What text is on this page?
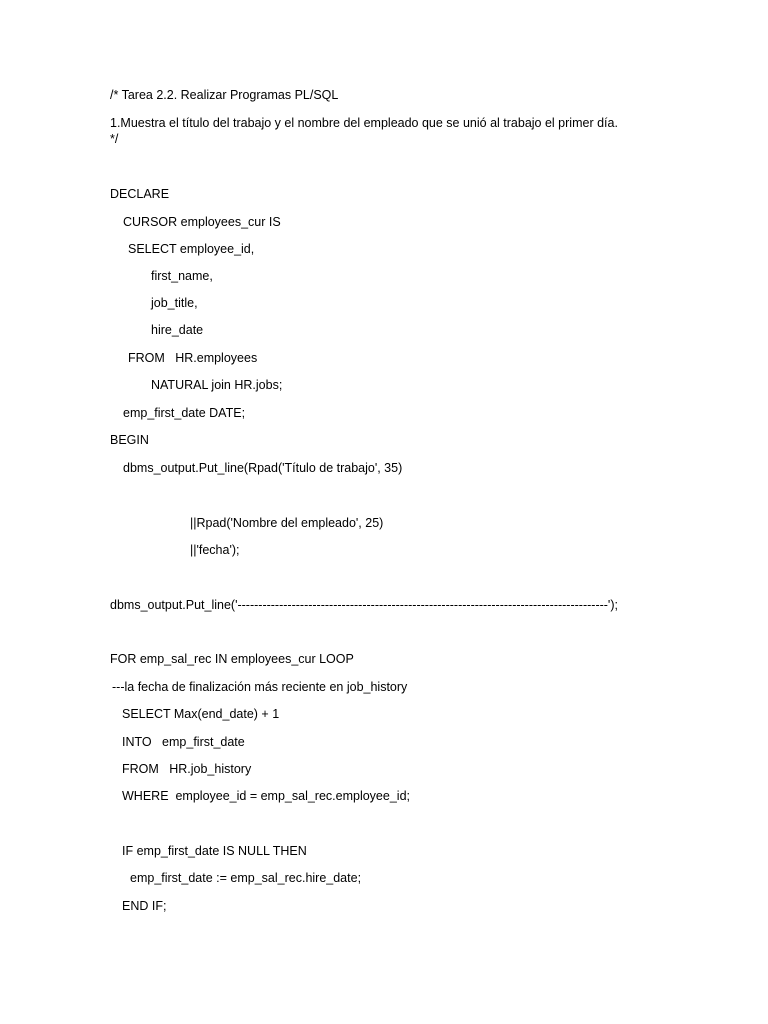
/* Tarea 2.2. Realizar Programas PL/SQL
1.Muestra el título del trabajo y el nombre del empleado que se unió al trabajo el primer día.
*/
DECLARE
CURSOR employees_cur IS
SELECT employee_id,
first_name,
job_title,
hire_date
FROM   HR.employees
NATURAL join HR.jobs;
emp_first_date DATE;
BEGIN
dbms_output.Put_line(Rpad('Título de trabajo', 35)
||Rpad('Nombre del empleado', 25)
||'fecha');
dbms_output.Put_line('-----------------------------------------------------------------------------------------');
FOR emp_sal_rec IN employees_cur LOOP
---la fecha de finalización más reciente en job_history
SELECT Max(end_date) + 1
INTO   emp_first_date
FROM   HR.job_history
WHERE  employee_id = emp_sal_rec.employee_id;
IF emp_first_date IS NULL THEN
emp_first_date := emp_sal_rec.hire_date;
END IF;
